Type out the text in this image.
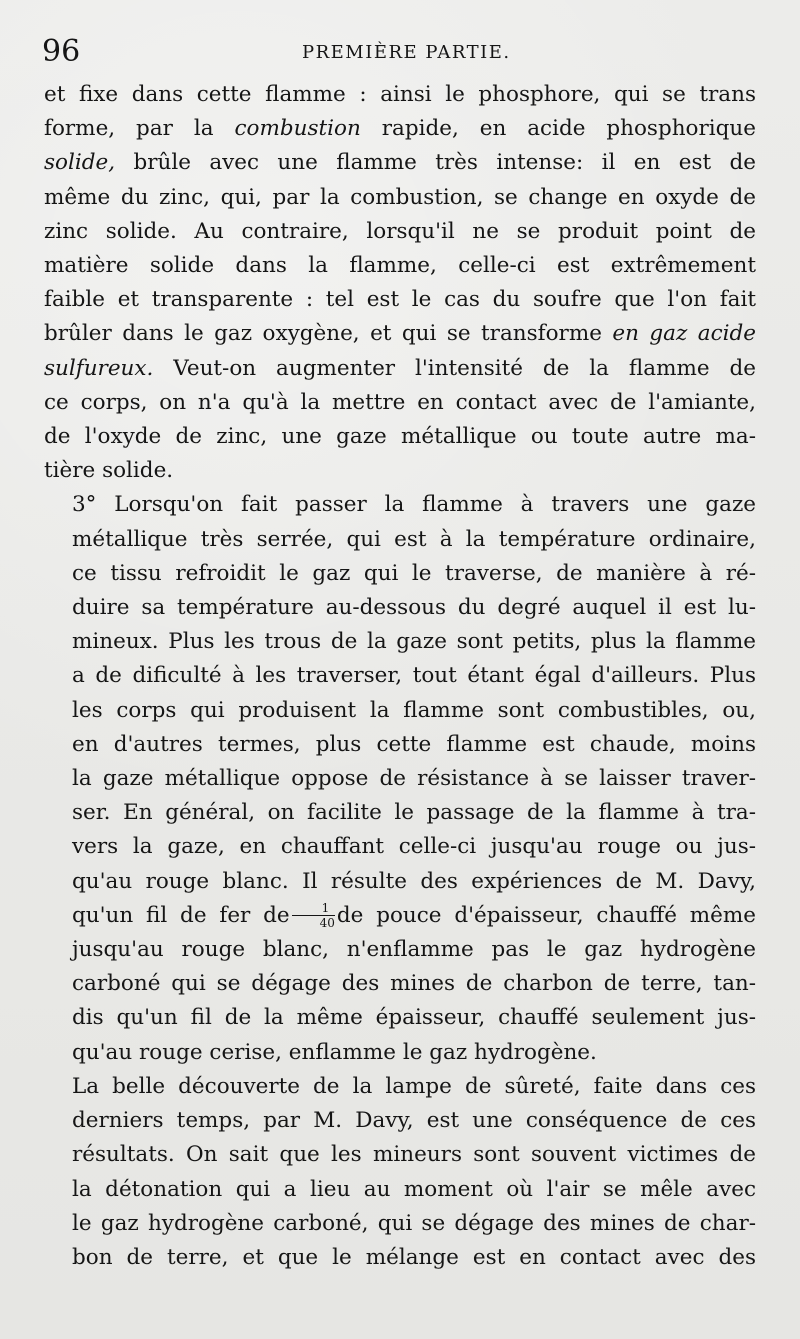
96	PREMIÈRE PARTIE.

et fixe dans cette flamme : ainsi le phosphore, qui se trans
forme, par la combustion rapide, en acide phosphorique
solide, brûle avec une flamme très intense: il en est de
même du zinc, qui, par la combustion, se change en oxyde de
zinc solide. Au contraire, lorsqu'il ne se produit point de
matière solide dans la flamme, celle-ci est extrêmement
faible et transparente : tel est le cas du soufre que l'on fait
brûler dans le gaz oxygène, et qui se transforme en gaz acide
sulfureux. Veut-on augmenter l'intensité de la flamme de
ce corps, on n'a qu'à la mettre en contact avec de l'amiante,
de l'oxyde de zinc, une gaze métallique ou toute autre ma-
tière solide.

3° Lorsqu'on fait passer la flamme à travers une gaze
métallique très serrée, qui est à la température ordinaire,
ce tissu refroidit le gaz qui le traverse, de manière à ré-
duire sa température au-dessous du degré auquel il est lu-
mineux. Plus les trous de la gaze sont petits, plus la flamme
a de dificulté à les traverser, tout étant égal d'ailleurs. Plus
les corps qui produisent la flamme sont combustibles, ou,
en d'autres termes, plus cette flamme est chaude, moins
la gaze métallique oppose de résistance à se laisser traver-
ser. En général, on facilite le passage de la flamme à tra-
vers la gaze, en chauffant celle-ci jusqu'au rouge ou jus-
qu'au rouge blanc. Il résulte des expériences de M. Davy,
qu'un fil de fer de $\frac{1}{40}$ de pouce d'épaisseur, chauffé même
jusqu'au rouge blanc, n'enflamme pas le gaz hydrogène
carboné qui se dégage des mines de charbon de terre, tan-
dis qu'un fil de la même épaisseur, chauffé seulement jus-
qu'au rouge cerise, enflamme le gaz hydrogène.

La belle découverte de la lampe de sûreté, faite dans ces
derniers temps, par M. Davy, est une conséquence de ces
résultats. On sait que les mineurs sont souvent victimes de
la détonation qui a lieu au moment où l'air se mêle avec
le gaz hydrogène carboné, qui se dégage des mines de char-
bon de terre, et que le mélange est en contact avec des
